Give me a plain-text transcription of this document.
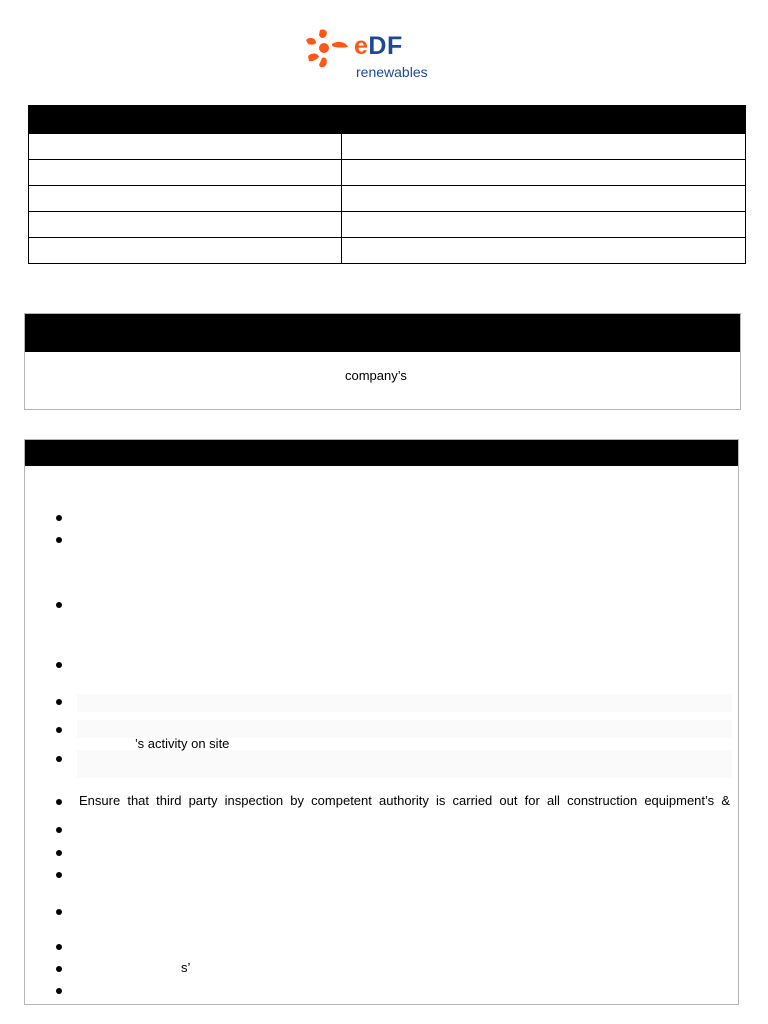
eDF
renewables
company’s
’s activity on site
Ensure that third party inspection by competent authority is carried out for all construction equipment’s &
s’
